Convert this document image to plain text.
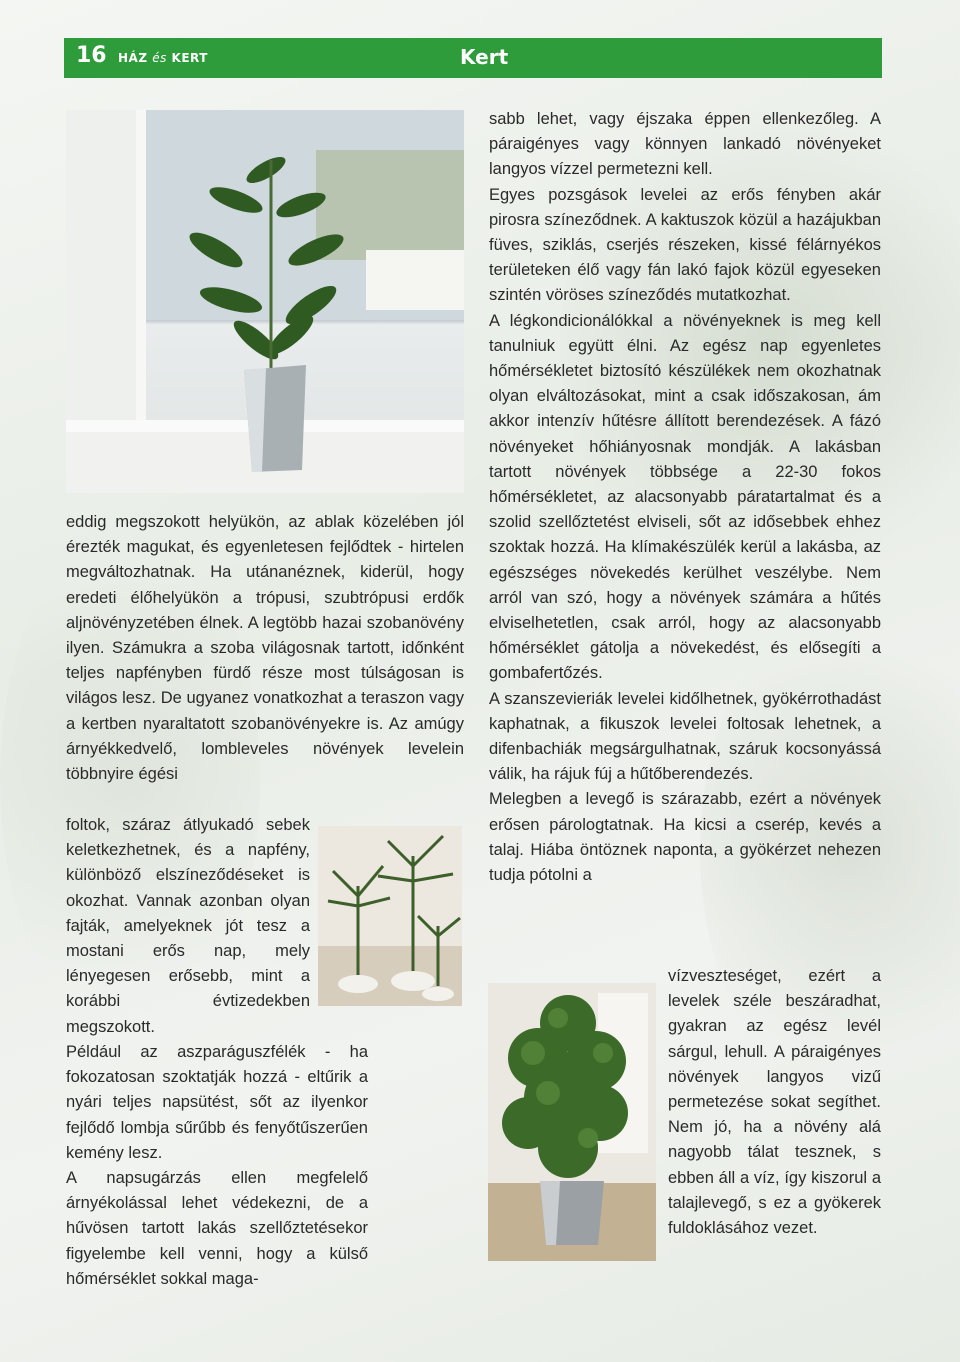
16 HÁZ és KERT	Kert

eddig megszokott helyükön, az ablak közelében jól érezték magukat, és egyenletesen fejlődtek - hirtelen megváltozhatnak. Ha utánanéznek, kiderül, hogy eredeti élőhelyükön a trópusi, szubtrópusi erdők aljnövényzetében élnek. A legtöbb hazai szobanövény ilyen. Számukra a szoba világosnak tartott, időnként teljes napfényben fürdő része most túlságosan is világos lesz. De ugyanez vonatkozhat a teraszon vagy a kertben nyaraltatott szobanövényekre is. Az amúgy árnyékkedvelő, lombleveles növények levelein többnyire égési

foltok, száraz átlyukadó sebek keletkezhetnek, és a napfény, különböző elszíneződéseket is okozhat. Vannak azonban olyan fajták, amelyeknek jót tesz a mostani erős nap, mely lényegesen erősebb, mint a korábbi évtizedekben megszokott.

Például az aszparáguszfélék - ha fokozatosan szoktatják hozzá - eltűrik a nyári teljes napsütést, sőt az ilyenkor fejlődő lombja sűrűbb és fenyőtűszerűen kemény lesz.

A napsugárzás ellen megfelelő árnyékolással lehet védekezni, de a hűvösen tartott lakás szellőztetésekor figyelembe kell venni, hogy a külső hőmérséklet sokkal maga-

sabb lehet, vagy éjszaka éppen ellenkezőleg. A páraigényes vagy könnyen lankadó növényeket langyos vízzel permetezni kell.

Egyes pozsgások levelei az erős fényben akár pirosra színeződnek. A kaktuszok közül a hazájukban füves, sziklás, cserjés részeken, kissé félárnyékos területeken élő vagy fán lakó fajok közül egyeseken szintén vöröses színeződés mutatkozhat.

A légkondicionálókkal a növényeknek is meg kell tanulniuk együtt élni. Az egész nap egyenletes hőmérsékletet biztosító készülékek nem okozhatnak olyan elváltozásokat, mint a csak időszakosan, ám akkor intenzív hűtésre állított berendezések. A fázó növényeket hőhiányosnak mondják. A lakásban tartott növények többsége a 22-30 fokos hőmérsékletet, az alacsonyabb páratartalmat és a szolid szellőztetést elviseli, sőt az idősebbek ehhez szoktak hozzá. Ha klímakészülék kerül a lakásba, az egészséges növekedés kerülhet veszélybe. Nem arról van szó, hogy a növények számára a hűtés elviselhetetlen, csak arról, hogy az alacsonyabb hőmérséklet gátolja a növekedést, és elősegíti a gombafertőzés.

A szanszevieriák levelei kidőlhetnek, gyökérrothadást kaphatnak, a fikuszok levelei foltosak lehetnek, a difenbachiák megsárgulhatnak, száruk kocsonyássá válik, ha rájuk fúj a hűtőberendezés.

Melegben a levegő is szárazabb, ezért a növények erősen párologtatnak. Ha kicsi a cserép, kevés a talaj. Hiába öntöznek naponta, a gyökérzet nehezen tudja pótolni a

vízveszteséget, ezért a levelek széle beszáradhat, gyakran az egész levél sárgul, lehull. A páraigényes növények langyos vizű permetezése sokat segíthet. Nem jó, ha a növény alá nagyobb tálat tesznek, s ebben áll a víz, így kiszorul a talajlevegő, s ez a gyökerek fuldoklásához vezet.
